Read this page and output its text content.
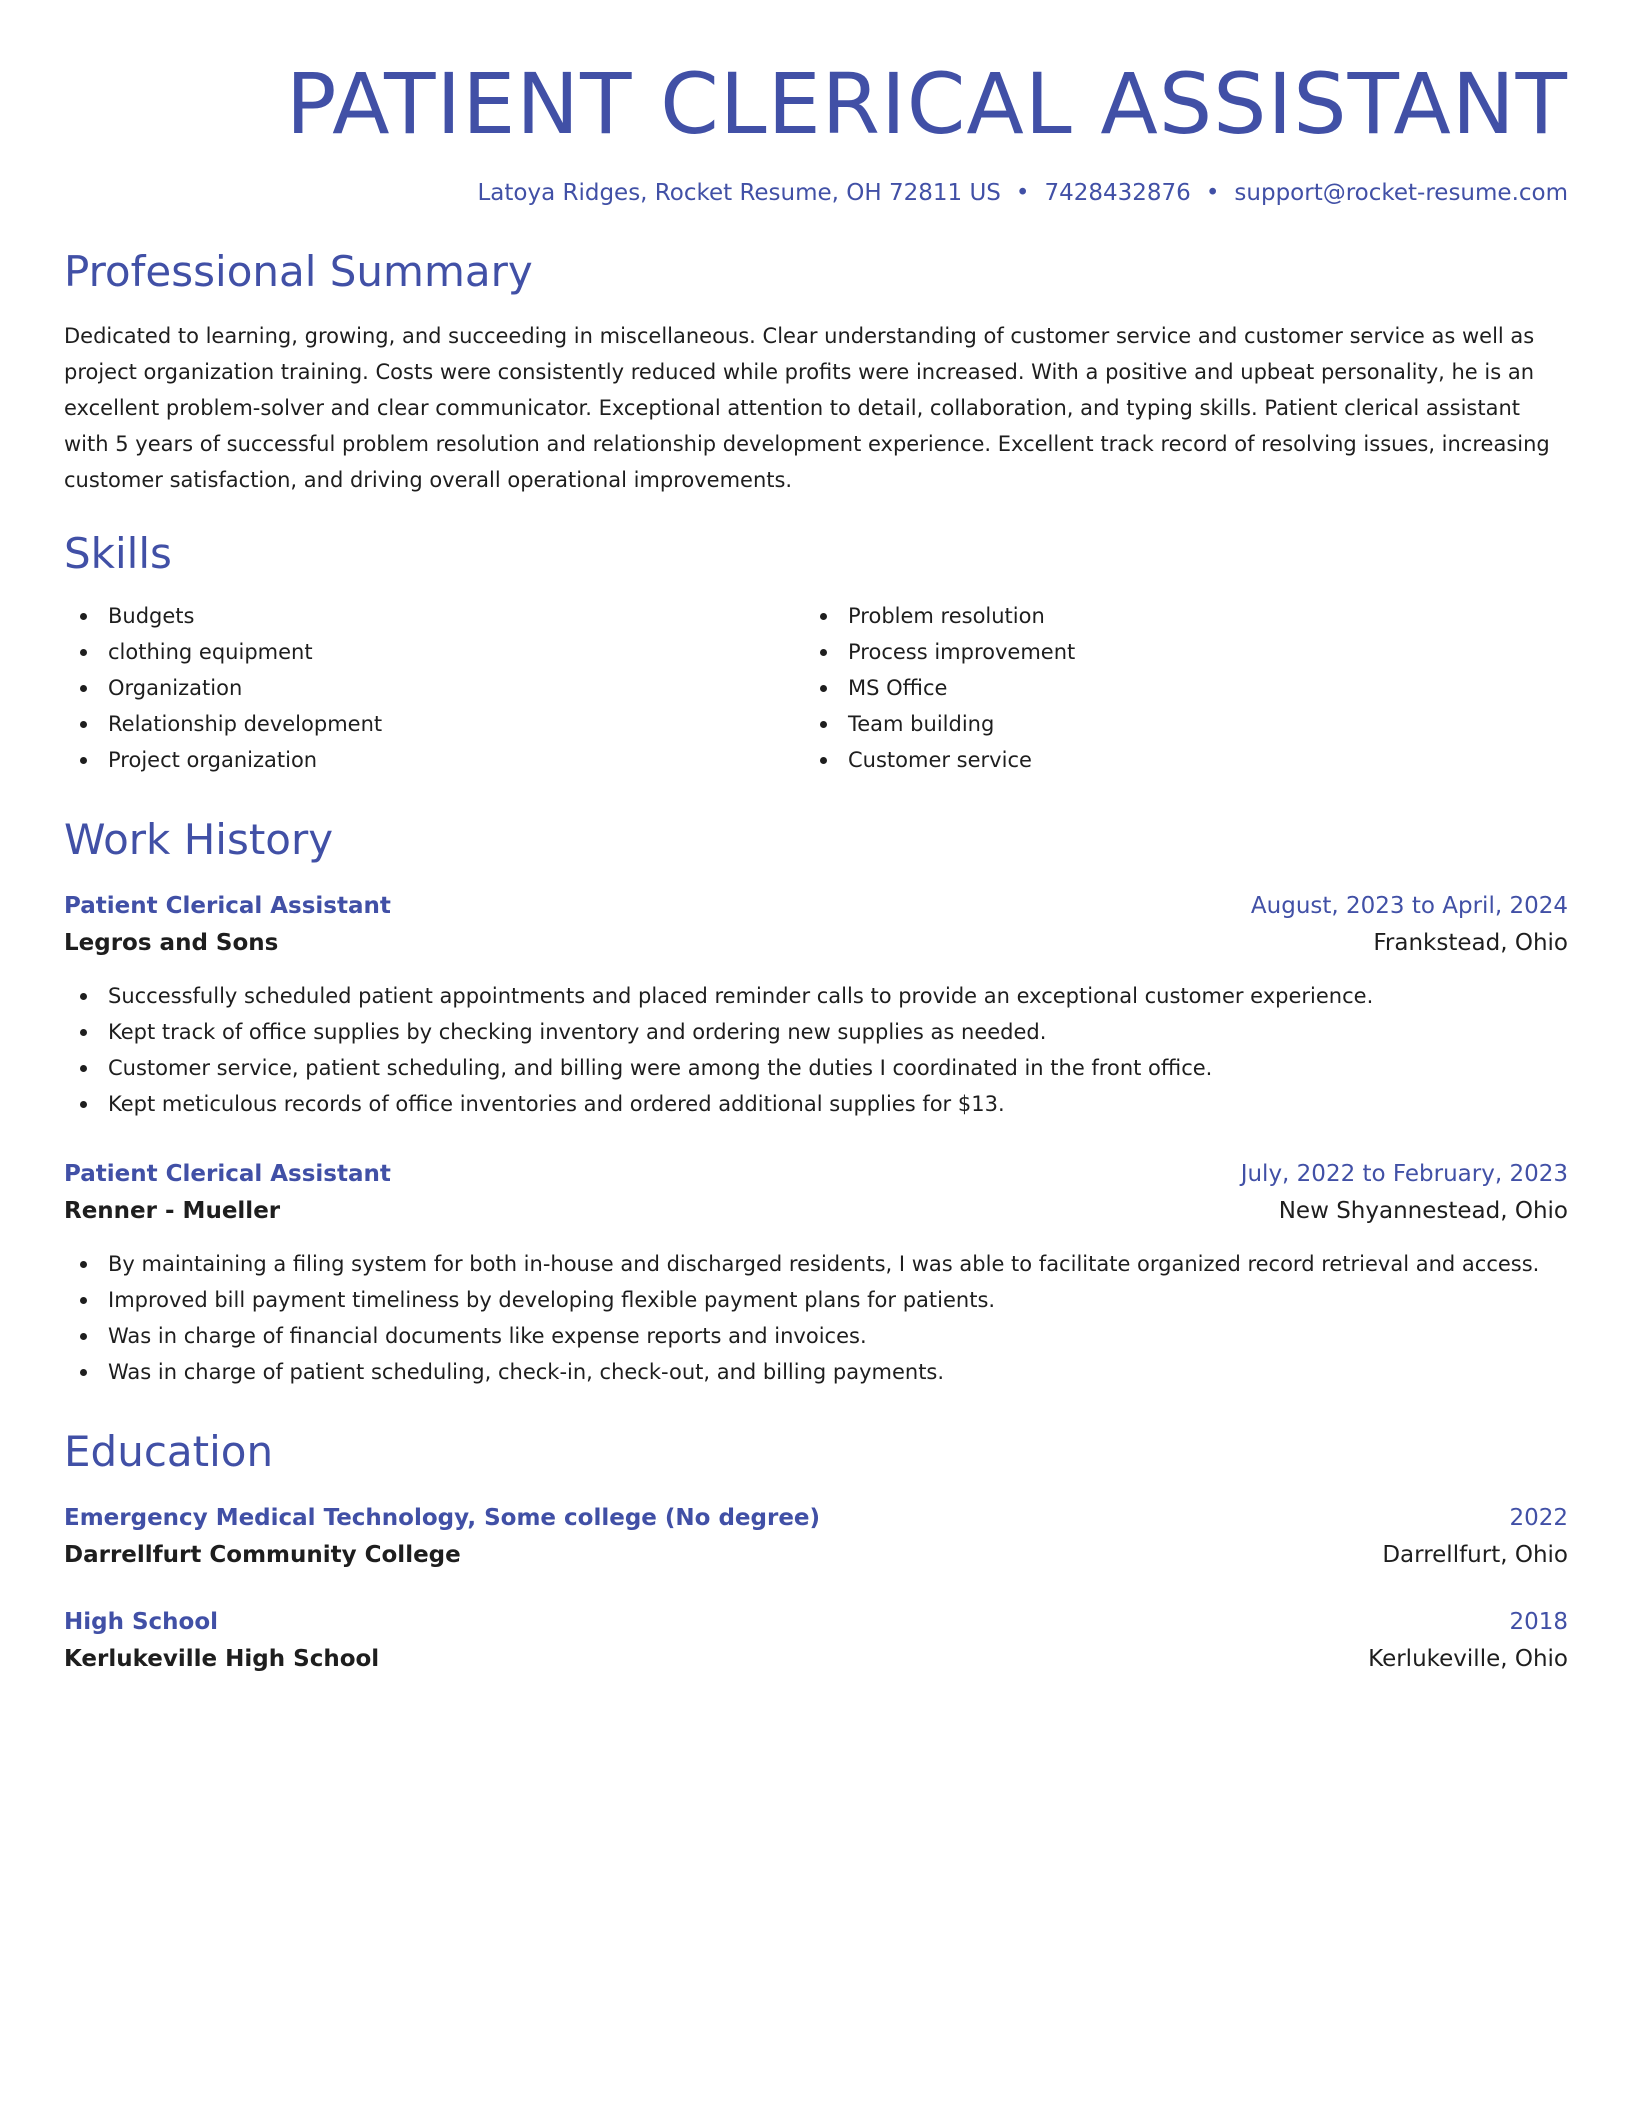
PATIENT CLERICAL ASSISTANT
Latoya Ridges, Rocket Resume, OH 72811 US • 7428432876 • support@rocket-resume.com
Professional Summary
Dedicated to learning, growing, and succeeding in miscellaneous. Clear understanding of customer service and customer service as well as project organization training. Costs were consistently reduced while profits were increased. With a positive and upbeat personality, he is an excellent problem-solver and clear communicator. Exceptional attention to detail, collaboration, and typing skills. Patient clerical assistant with 5 years of successful problem resolution and relationship development experience. Excellent track record of resolving issues, increasing customer satisfaction, and driving overall operational improvements.
Skills
Budgets
clothing equipment
Organization
Relationship development
Project organization
Problem resolution
Process improvement
MS Office
Team building
Customer service
Work History
Patient Clerical Assistant	August, 2023 to April, 2024
Legros and Sons	Frankstead, Ohio
Successfully scheduled patient appointments and placed reminder calls to provide an exceptional customer experience.
Kept track of office supplies by checking inventory and ordering new supplies as needed.
Customer service, patient scheduling, and billing were among the duties I coordinated in the front office.
Kept meticulous records of office inventories and ordered additional supplies for $13.
Patient Clerical Assistant	July, 2022 to February, 2023
Renner - Mueller	New Shyannestead, Ohio
By maintaining a filing system for both in-house and discharged residents, I was able to facilitate organized record retrieval and access.
Improved bill payment timeliness by developing flexible payment plans for patients.
Was in charge of financial documents like expense reports and invoices.
Was in charge of patient scheduling, check-in, check-out, and billing payments.
Education
Emergency Medical Technology, Some college (No degree)	2022
Darrellfurt Community College	Darrellfurt, Ohio
High School	2018
Kerlukeville High School	Kerlukeville, Ohio
